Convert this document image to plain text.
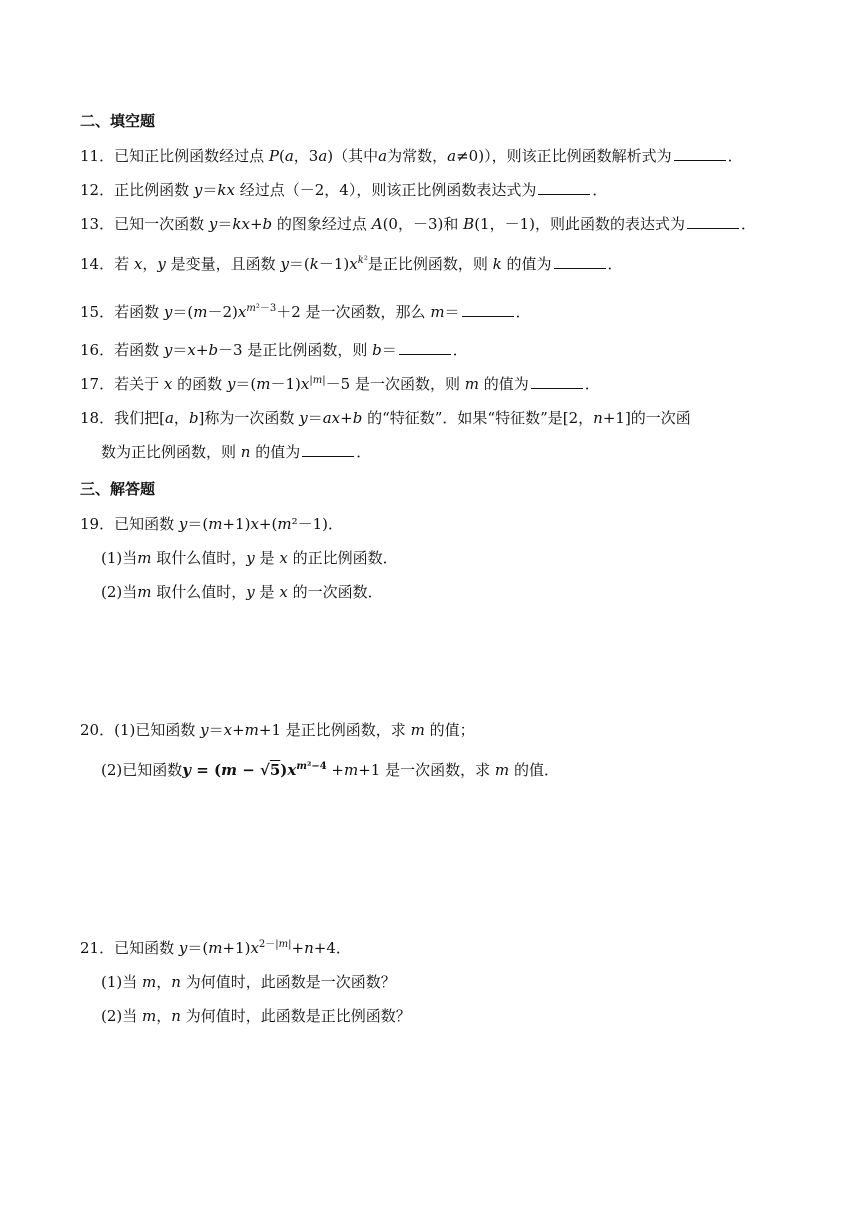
二、填空题
11．已知正比例函数经过点 P(a，3a)（其中a为常数，a≠0)），则该正比例函数解析式为	．
12．正比例函数 y＝kx 经过点（－2，4），则该正比例函数表达式为	．
13．已知一次函数 y＝kx+b 的图象经过点 A(0，－3)和 B(1，－1)，则此函数的表达式为	．
14．若 x，y 是变量，且函数 $y=(k-1)x^{k^2}$是正比例函数，则 k 的值为	．
15．若函数 $y=(m-2)x^{m^2-3}+2$ 是一次函数，那么 m＝	．
16．若函数 y＝x+b－3 是正比例函数，则 b＝	．
17．若关于 x 的函数 $y=(m-1)x^{|m|}-5$ 是一次函数，则 m 的值为	．
18．我们把[a，b]称为一次函数 y＝ax+b 的“特征数”．如果“特征数”是[2，n+1]的一次函
数为正比例函数，则 n 的值为	．
三、解答题
19．已知函数 y＝(m+1)x+(m²－1)．
(1)当m 取什么值时，y 是 x 的正比例函数．
(2)当m 取什么值时，y 是 x 的一次函数．
20．(1)已知函数 y＝x+m+1 是正比例函数，求 m 的值；
(2)已知函数$y = (m - √5)x^{m^2-4} +m+1$ 是一次函数，求 m 的值．
21．已知函数 $y=(m+1)x^{2-|m|}+n+4$．
(1)当 m，n 为何值时，此函数是一次函数？
(2)当 m，n 为何值时，此函数是正比例函数？
